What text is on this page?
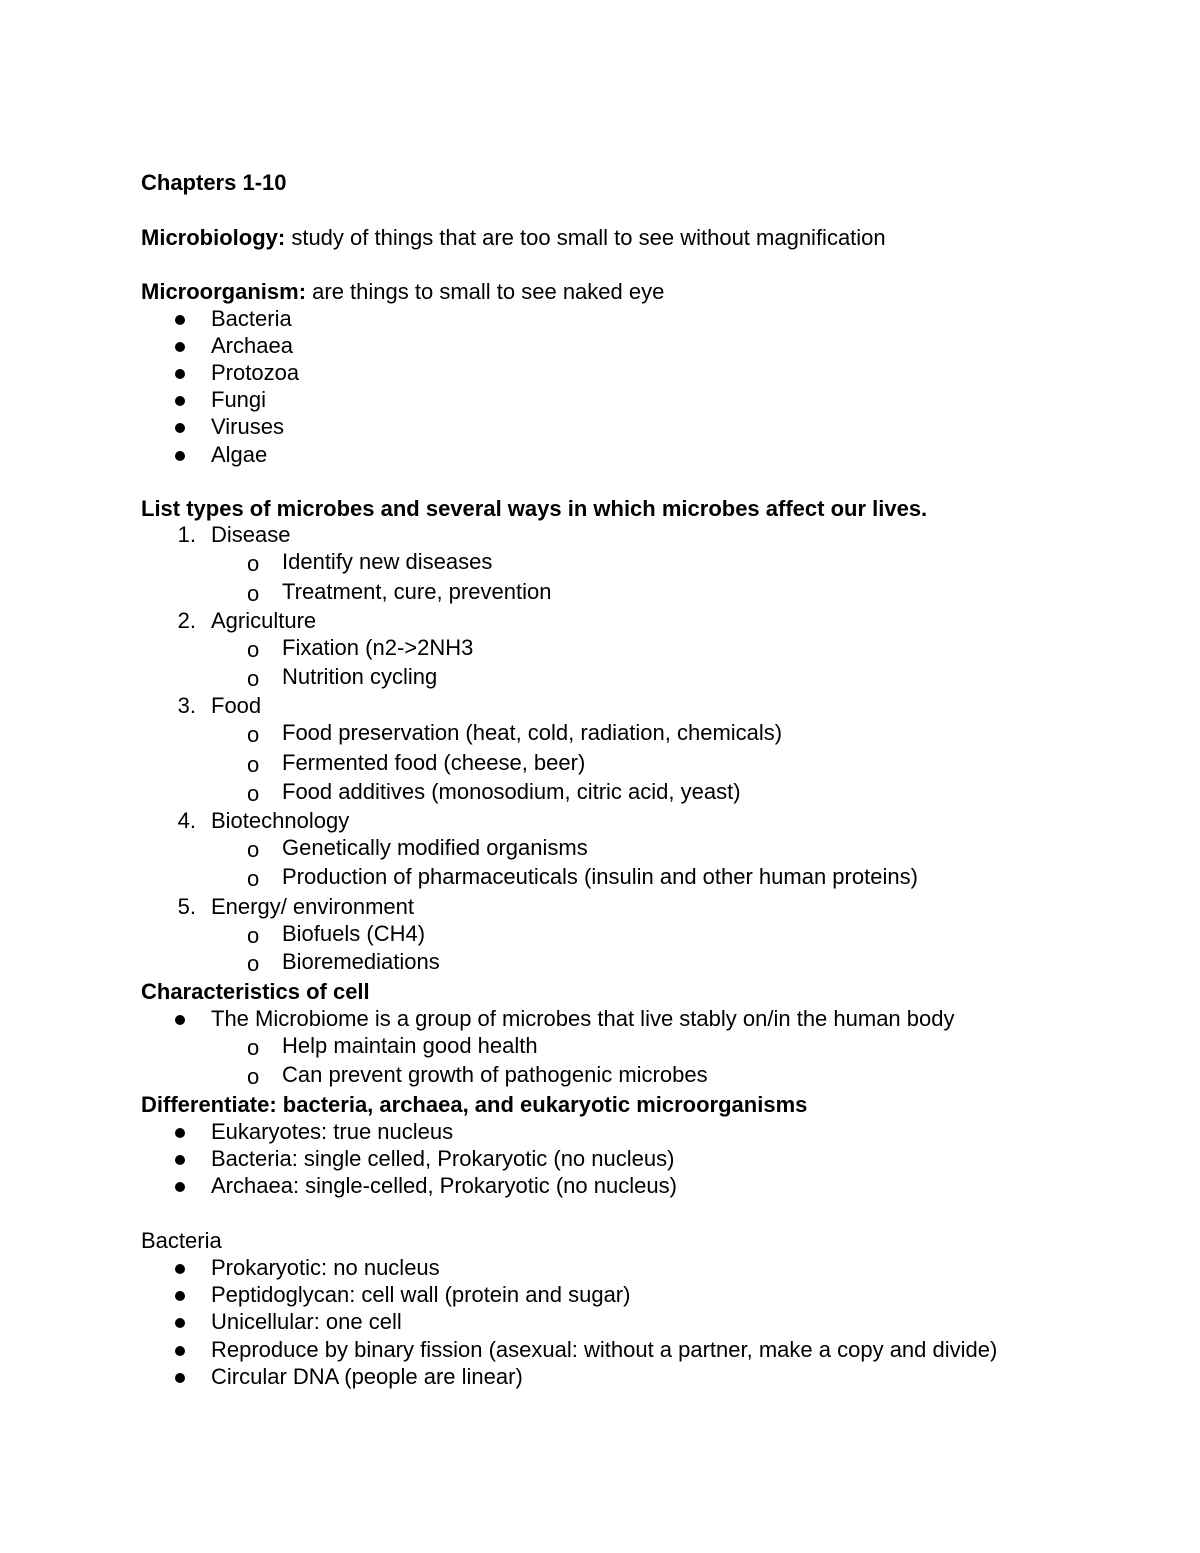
Chapters 1-10
Microbiology: study of things that are too small to see without magnification
Microorganism: are things to small to see naked eye
Bacteria
Archaea
Protozoa
Fungi
Viruses
Algae
List types of microbes and several ways in which microbes affect our lives.
1. Disease
o Identify new diseases
o Treatment, cure, prevention
2. Agriculture
o Fixation (n2->2NH3
o Nutrition cycling
3. Food
o Food preservation (heat, cold, radiation, chemicals)
o Fermented food (cheese, beer)
o Food additives (monosodium, citric acid, yeast)
4. Biotechnology
o Genetically modified organisms
o Production of pharmaceuticals (insulin and other human proteins)
5. Energy/ environment
o Biofuels (CH4)
o Bioremediations
Characteristics of cell
The Microbiome is a group of microbes that live stably on/in the human body
o Help maintain good health
o Can prevent growth of pathogenic microbes
Differentiate: bacteria, archaea, and eukaryotic microorganisms
Eukaryotes: true nucleus
Bacteria: single celled, Prokaryotic (no nucleus)
Archaea: single-celled, Prokaryotic (no nucleus)
Bacteria
Prokaryotic: no nucleus
Peptidoglycan: cell wall (protein and sugar)
Unicellular: one cell
Reproduce by binary fission (asexual: without a partner, make a copy and divide)
Circular DNA (people are linear)
